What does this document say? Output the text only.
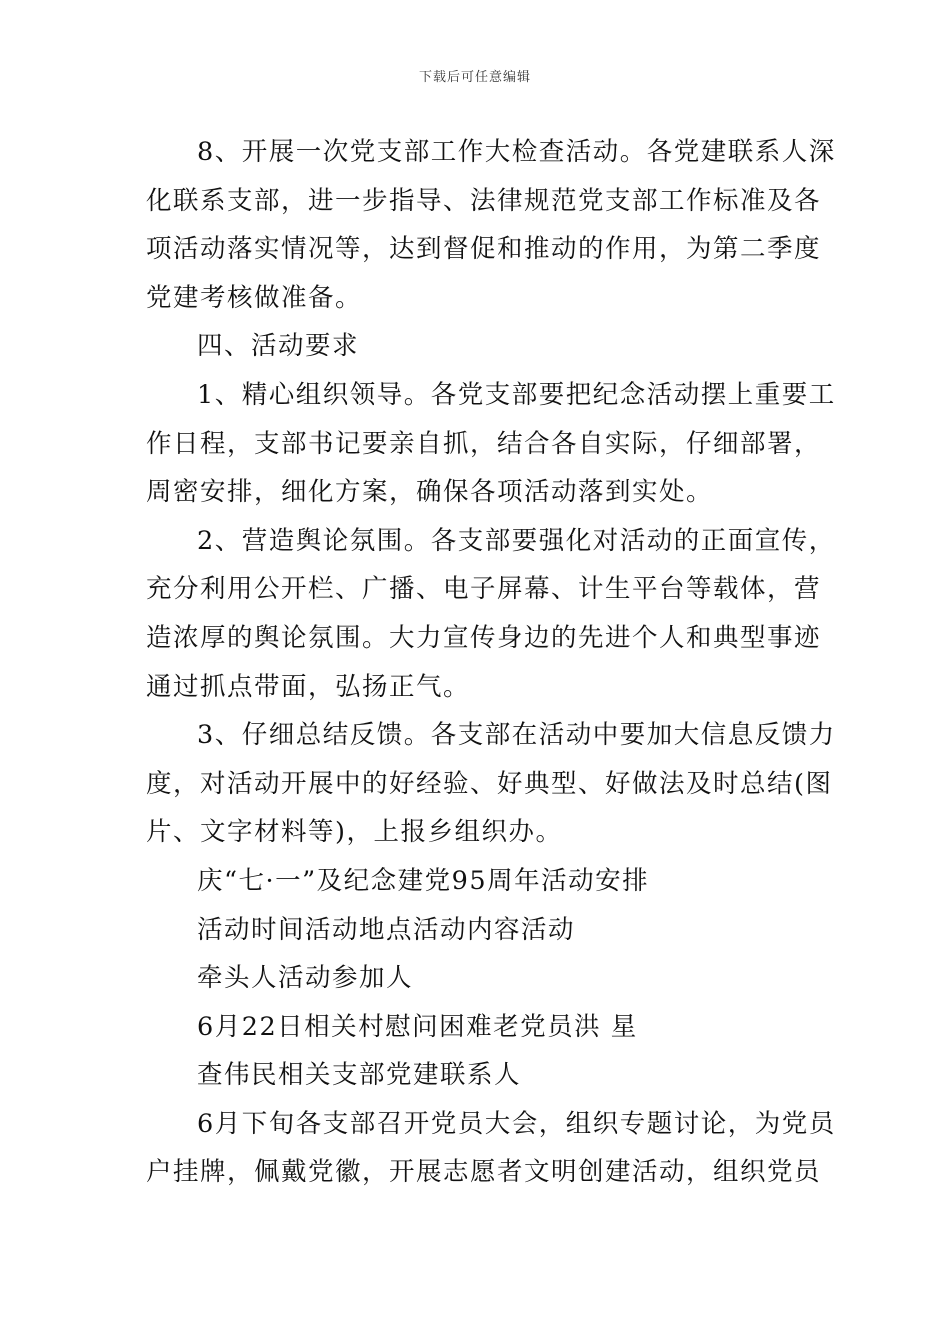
下载后可任意编辑
8、开展一次党支部工作大检查活动。各党建联系人深
化联系支部，进一步指导、法律规范党支部工作标准及各
项活动落实情况等，达到督促和推动的作用，为第二季度
党建考核做准备。
四、活动要求
1、精心组织领导。各党支部要把纪念活动摆上重要工
作日程，支部书记要亲自抓，结合各自实际，仔细部署，
周密安排，细化方案，确保各项活动落到实处。
2、营造舆论氛围。各支部要强化对活动的正面宣传，
充分利用公开栏、广播、电子屏幕、计生平台等载体，营
造浓厚的舆论氛围。大力宣传身边的先进个人和典型事迹
通过抓点带面，弘扬正气。
3、仔细总结反馈。各支部在活动中要加大信息反馈力
度，对活动开展中的好经验、好典型、好做法及时总结(图
片、文字材料等)，上报乡组织办。
庆“七·一”及纪念建党95周年活动安排
活动时间活动地点活动内容活动
牵头人活动参加人
6月22日相关村慰问困难老党员洪 星
查伟民相关支部党建联系人
6月下旬各支部召开党员大会，组织专题讨论，为党员
户挂牌，佩戴党徽，开展志愿者文明创建活动，组织党员
